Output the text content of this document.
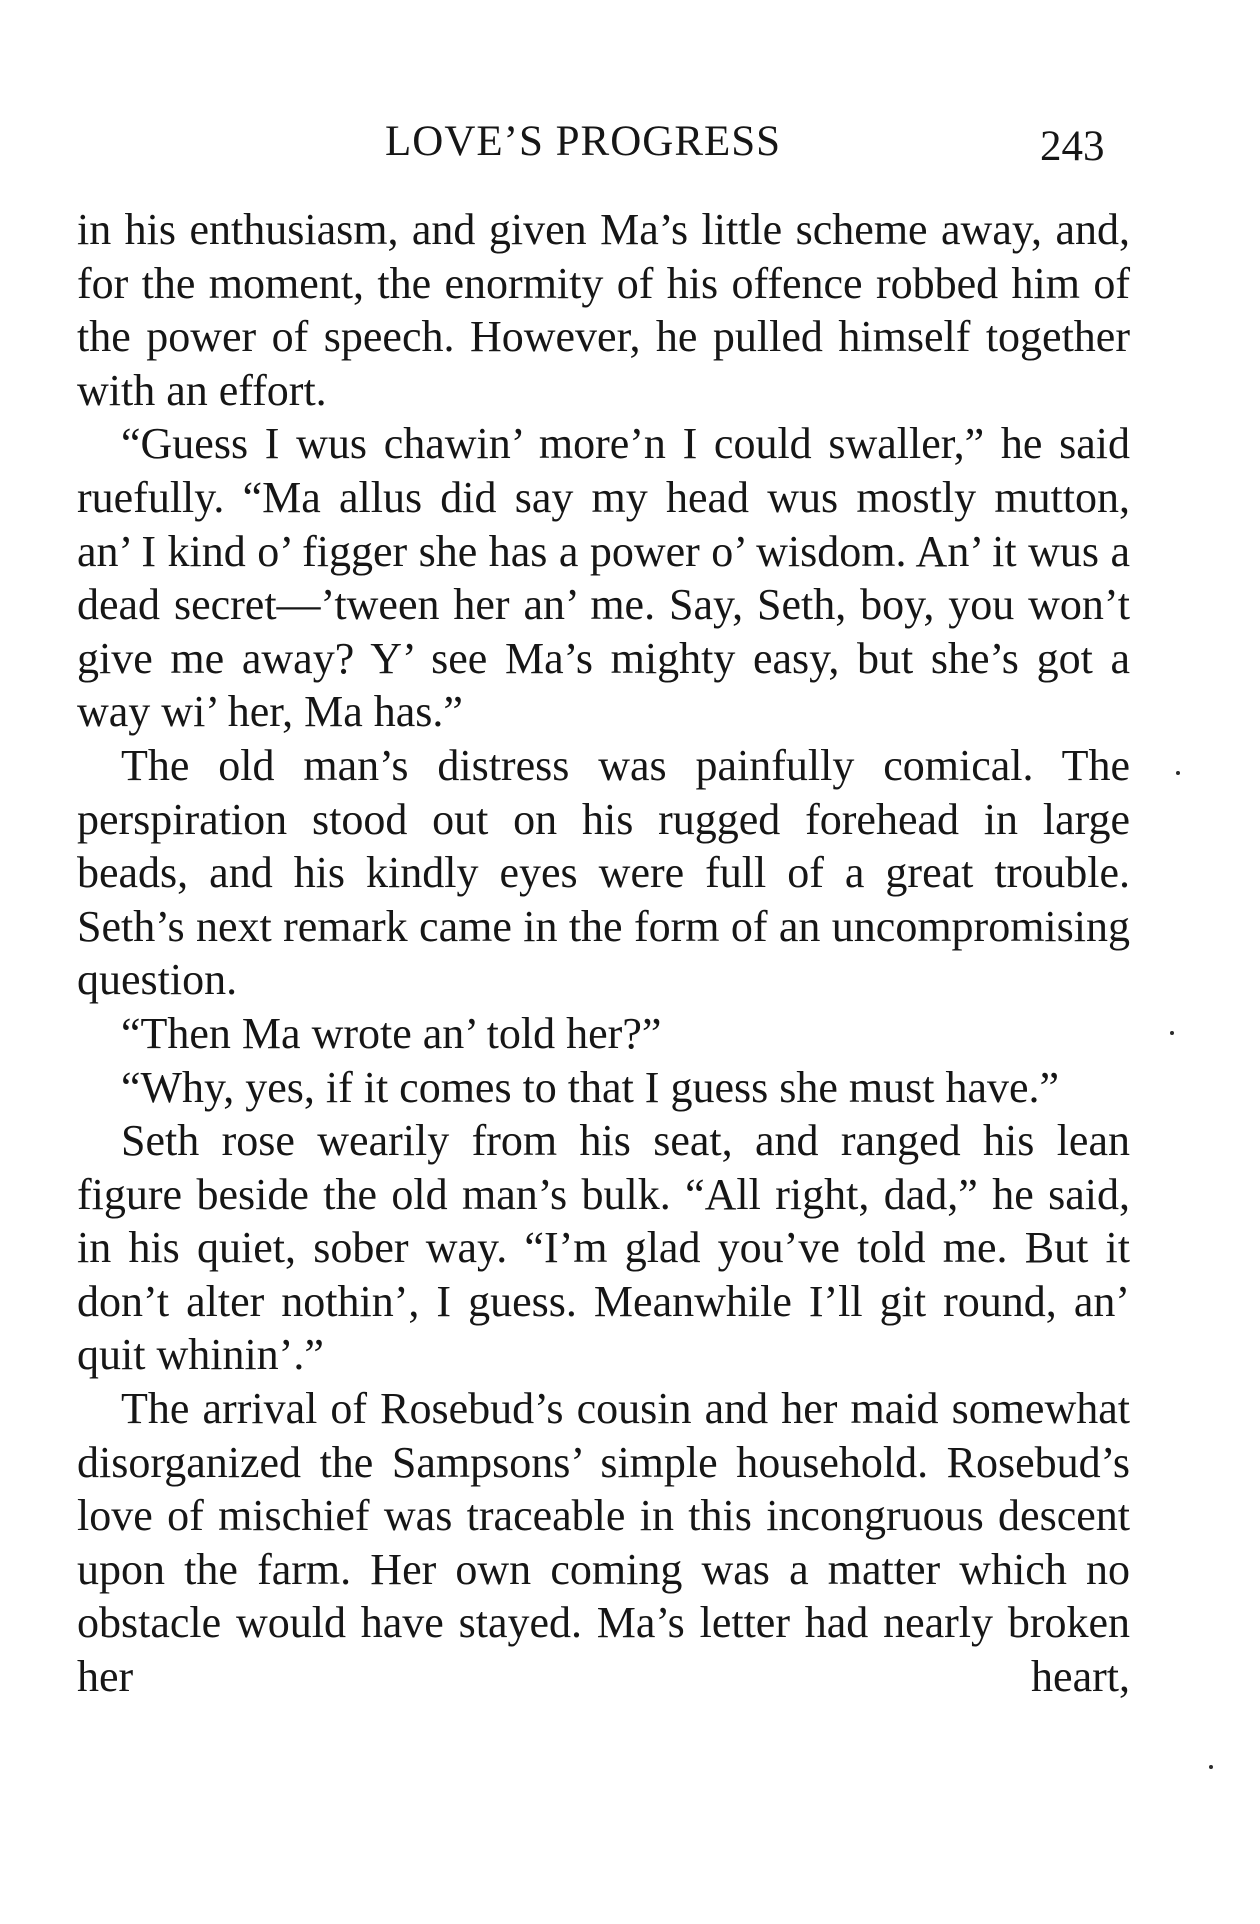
LOVE’S PROGRESS	243

in his enthusiasm, and given Ma’s little scheme away, and, for the moment, the enormity of his offence robbed him of the power of speech. However, he pulled himself together with an effort.

“Guess I wus chawin’ more’n I could swaller,” he said ruefully. “Ma allus did say my head wus mostly mutton, an’ I kind o’ figger she has a power o’ wisdom. An’ it wus a dead secret—’tween her an’ me. Say, Seth, boy, you won’t give me away? Y’ see Ma’s mighty easy, but she’s got a way wi’ her, Ma has.”

The old man’s distress was painfully comical. The perspiration stood out on his rugged forehead in large beads, and his kindly eyes were full of a great trouble. Seth’s next remark came in the form of an uncompromising question.

“Then Ma wrote an’ told her?”

“Why, yes, if it comes to that I guess she must have.”

Seth rose wearily from his seat, and ranged his lean figure beside the old man’s bulk. “All right, dad,” he said, in his quiet, sober way. “I’m glad you’ve told me. But it don’t alter nothin’, I guess. Meanwhile I’ll git round, an’ quit whinin’.”

The arrival of Rosebud’s cousin and her maid somewhat disorganized the Sampsons’ simple household. Rosebud’s love of mischief was traceable in this incongruous descent upon the farm. Her own coming was a matter which no obstacle would have stayed. Ma’s letter had nearly broken her heart,
